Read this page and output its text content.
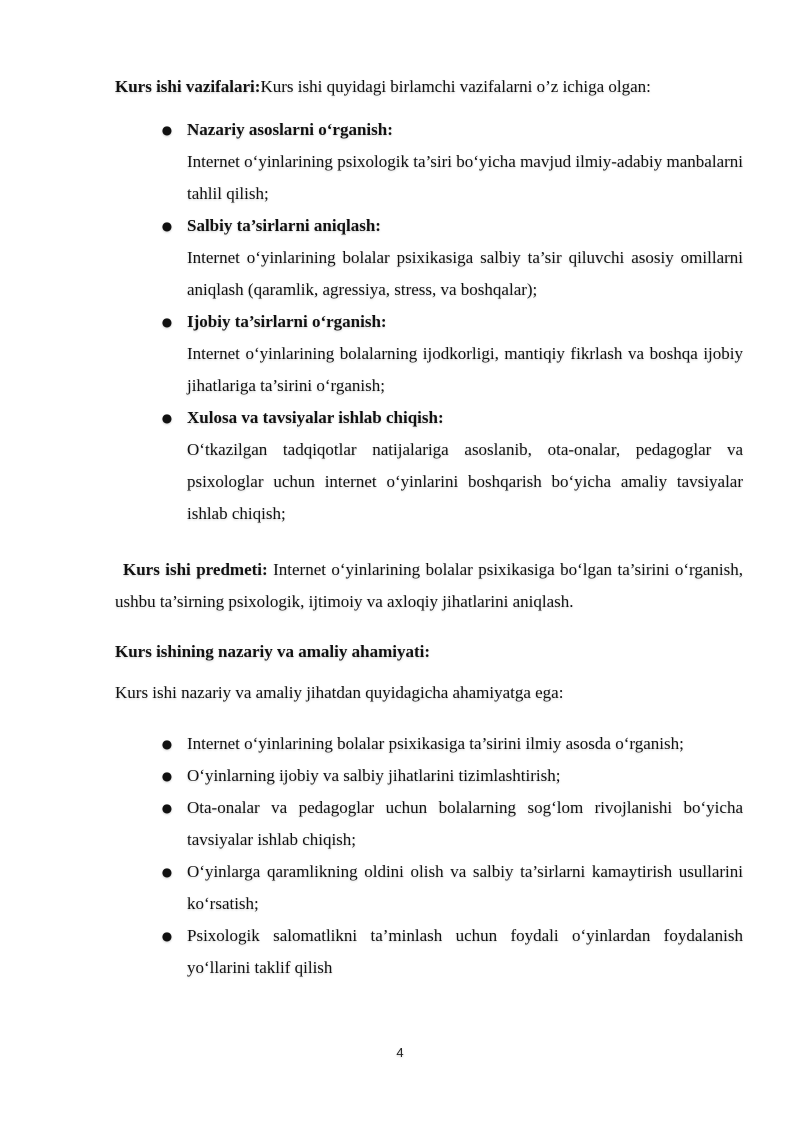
Kurs ishi vazifalari:Kurs ishi quyidagi birlamchi vazifalarni o’z ichiga olgan:

● Nazariy asoslarni o‘rganish:
Internet o‘yinlarining psixologik ta’siri bo‘yicha mavjud ilmiy-adabiy manbalarni tahlil qilish;
● Salbiy ta’sirlarni aniqlash:
Internet o‘yinlarining bolalar psixikasiga salbiy ta’sir qiluvchi asosiy omillarni aniqlash (qaramlik, agressiya, stress, va boshqalar);
● Ijobiy ta’sirlarni o‘rganish:
Internet o‘yinlarining bolalarning ijodkorligi, mantiqiy fikrlash va boshqa ijobiy jihatlariga ta’sirini o‘rganish;
● Xulosa va tavsiyalar ishlab chiqish:
O‘tkazilgan tadqiqotlar natijalariga asoslanib, ota-onalar, pedagoglar va psixologlar uchun internet o‘yinlarini boshqarish bo‘yicha amaliy tavsiyalar ishlab chiqish;

Kurs ishi predmeti: Internet o‘yinlarining bolalar psixikasiga bo‘lgan ta’sirini o‘rganish, ushbu ta’sirning psixologik, ijtimoiy va axloqiy jihatlarini aniqlash.

Kurs ishining nazariy va amaliy ahamiyati:

Kurs ishi nazariy va amaliy jihatdan quyidagicha ahamiyatga ega:

● Internet o‘yinlarining bolalar psixikasiga ta’sirini ilmiy asosda o‘rganish;
● O‘yinlarning ijobiy va salbiy jihatlarini tizimlashtirish;
● Ota-onalar va pedagoglar uchun bolalarning sog‘lom rivojlanishi bo‘yicha tavsiyalar ishlab chiqish;
● O‘yinlarga qaramlikning oldini olish va salbiy ta’sirlarni kamaytirish usullarini ko‘rsatish;
● Psixologik salomatlikni ta’minlash uchun foydali o‘yinlardan foydalanish yo‘llarini taklif qilish
4
